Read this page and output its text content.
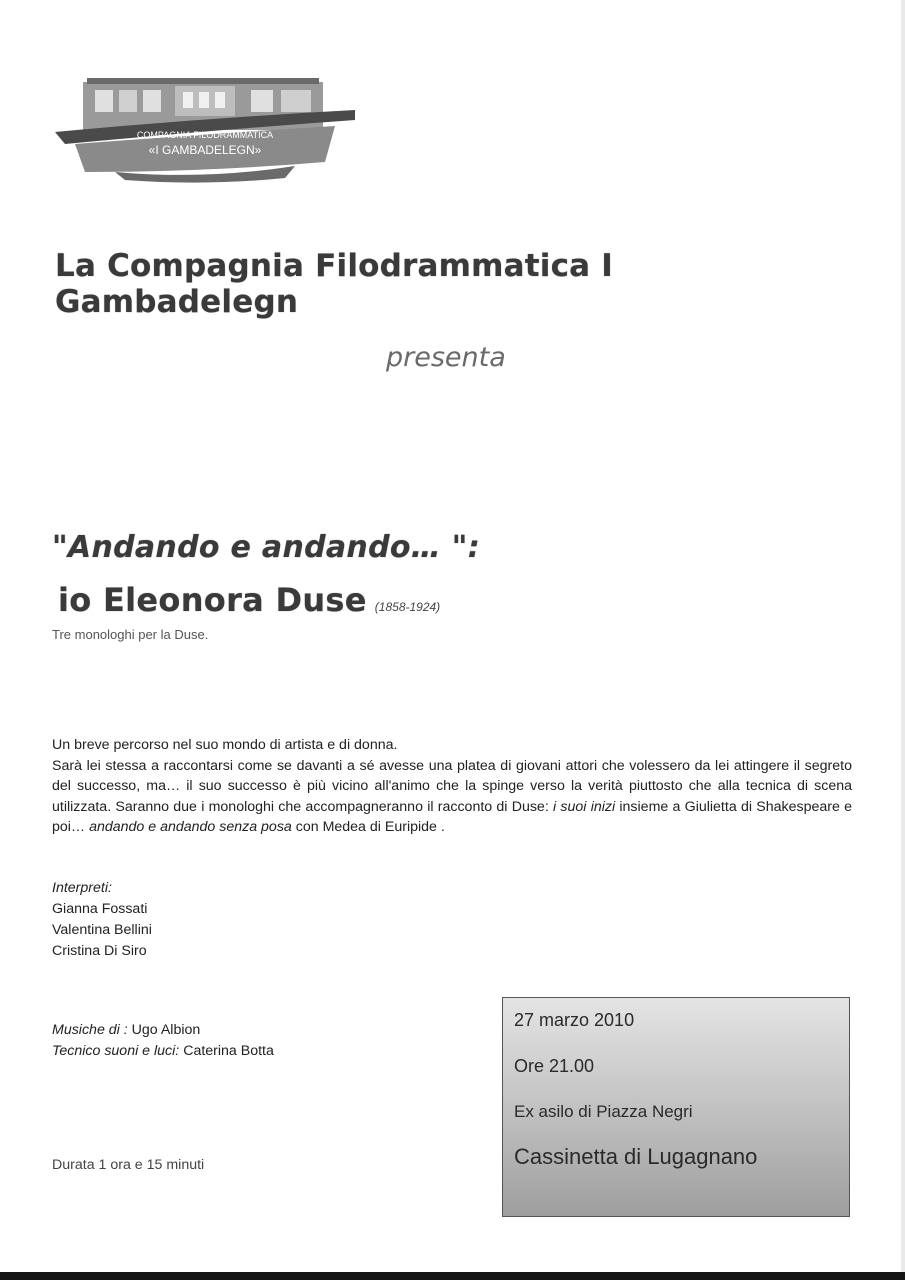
COMPAGNIA FILODRAMMATICA
«I GAMBADELEGN»
La Compagnia Filodrammatica I Gambadelegn
presenta
"Andando e andando… ":
io Eleonora Duse (1858-1924)
Tre monologhi per la Duse.

Un breve percorso nel suo mondo di artista e di donna.

Sarà lei stessa a raccontarsi come se davanti a sé avesse una platea di giovani attori che volessero da lei attingere il segreto del successo, ma… il suo successo è più vicino all'animo che la spinge verso la verità piuttosto che alla tecnica di scena utilizzata. Saranno due i monologhi che accompagneranno il racconto di Duse: i suoi inizi insieme a Giulietta di Shakespeare e poi… andando e andando senza posa con Medea di Euripide .

Interpreti:
Gianna Fossati
Valentina Bellini
Cristina Di Siro
Musiche di : Ugo Albion
Tecnico suoni e luci: Caterina Botta
Durata 1 ora e 15 minuti
27 marzo 2010
Ore 21.00
Ex asilo di Piazza Negri
Cassinetta di Lugagnano
